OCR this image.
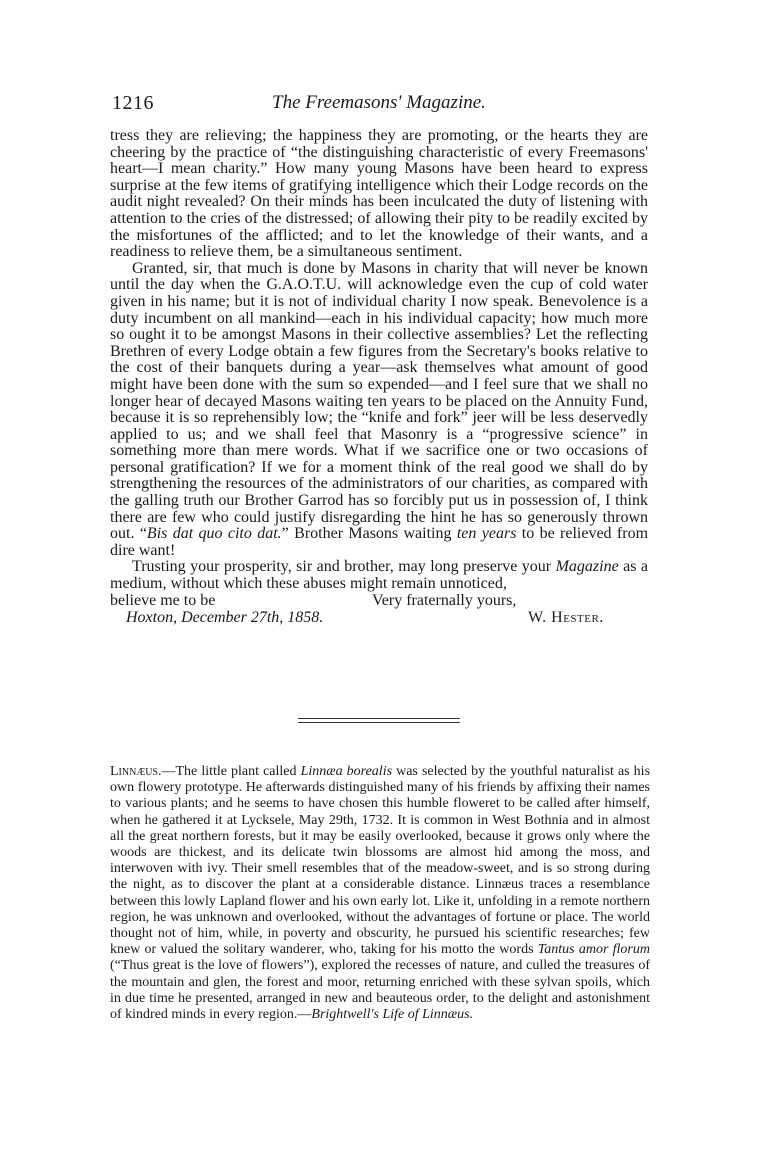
1216	The Freemasons' Magazine.

tress they are relieving; the happiness they are promoting, or the hearts they are cheering by the practice of “the distinguishing characteristic of every Freemasons' heart—I mean charity.” How many young Masons have been heard to express surprise at the few items of gratifying intelligence which their Lodge records on the audit night revealed? On their minds has been inculcated the duty of listening with attention to the cries of the distressed; of allowing their pity to be readily excited by the misfortunes of the afflicted; and to let the knowledge of their wants, and a readiness to relieve them, be a simultaneous sentiment.

Granted, sir, that much is done by Masons in charity that will never be known until the day when the G.A.O.T.U. will acknowledge even the cup of cold water given in his name; but it is not of individual charity I now speak. Benevolence is a duty incumbent on all mankind—each in his individual capacity; how much more so ought it to be amongst Masons in their collective assemblies? Let the reflecting Brethren of every Lodge obtain a few figures from the Secretary's books relative to the cost of their banquets during a year—ask themselves what amount of good might have been done with the sum so expended—and I feel sure that we shall no longer hear of decayed Masons waiting ten years to be placed on the Annuity Fund, because it is so reprehensibly low; the “knife and fork” jeer will be less deservedly applied to us; and we shall feel that Masonry is a “progressive science” in something more than mere words. What if we sacrifice one or two occasions of personal gratification? If we for a moment think of the real good we shall do by strengthening the resources of the administrators of our charities, as compared with the galling truth our Brother Garrod has so forcibly put us in possession of, I think there are few who could justify disregarding the hint he has so generously thrown out. “Bis dat quo cito dat.” Brother Masons waiting ten years to be relieved from dire want!

Trusting your prosperity, sir and brother, may long preserve your Magazine as a medium, without which these abuses might remain unnoticed,

believe me to be	Very fraternally yours,
Hoxton, December 27th, 1858.	W. Hester.
Linnæus.—The little plant called Linnæa borealis was selected by the youthful naturalist as his own flowery prototype. He afterwards distinguished many of his friends by affixing their names to various plants; and he seems to have chosen this humble floweret to be called after himself, when he gathered it at Lycksele, May 29th, 1732. It is common in West Bothnia and in almost all the great northern forests, but it may be easily overlooked, because it grows only where the woods are thickest, and its delicate twin blossoms are almost hid among the moss, and interwoven with ivy. Their smell resembles that of the meadow-sweet, and is so strong during the night, as to discover the plant at a considerable distance. Linnæus traces a resemblance between this lowly Lapland flower and his own early lot. Like it, unfolding in a remote northern region, he was unknown and overlooked, without the advantages of fortune or place. The world thought not of him, while, in poverty and obscurity, he pursued his scientific researches; few knew or valued the solitary wanderer, who, taking for his motto the words Tantus amor florum (“Thus great is the love of flowers”), explored the recesses of nature, and culled the treasures of the mountain and glen, the forest and moor, returning enriched with these sylvan spoils, which in due time he presented, arranged in new and beauteous order, to the delight and astonishment of kindred minds in every region.—Brightwell's Life of Linnæus.
